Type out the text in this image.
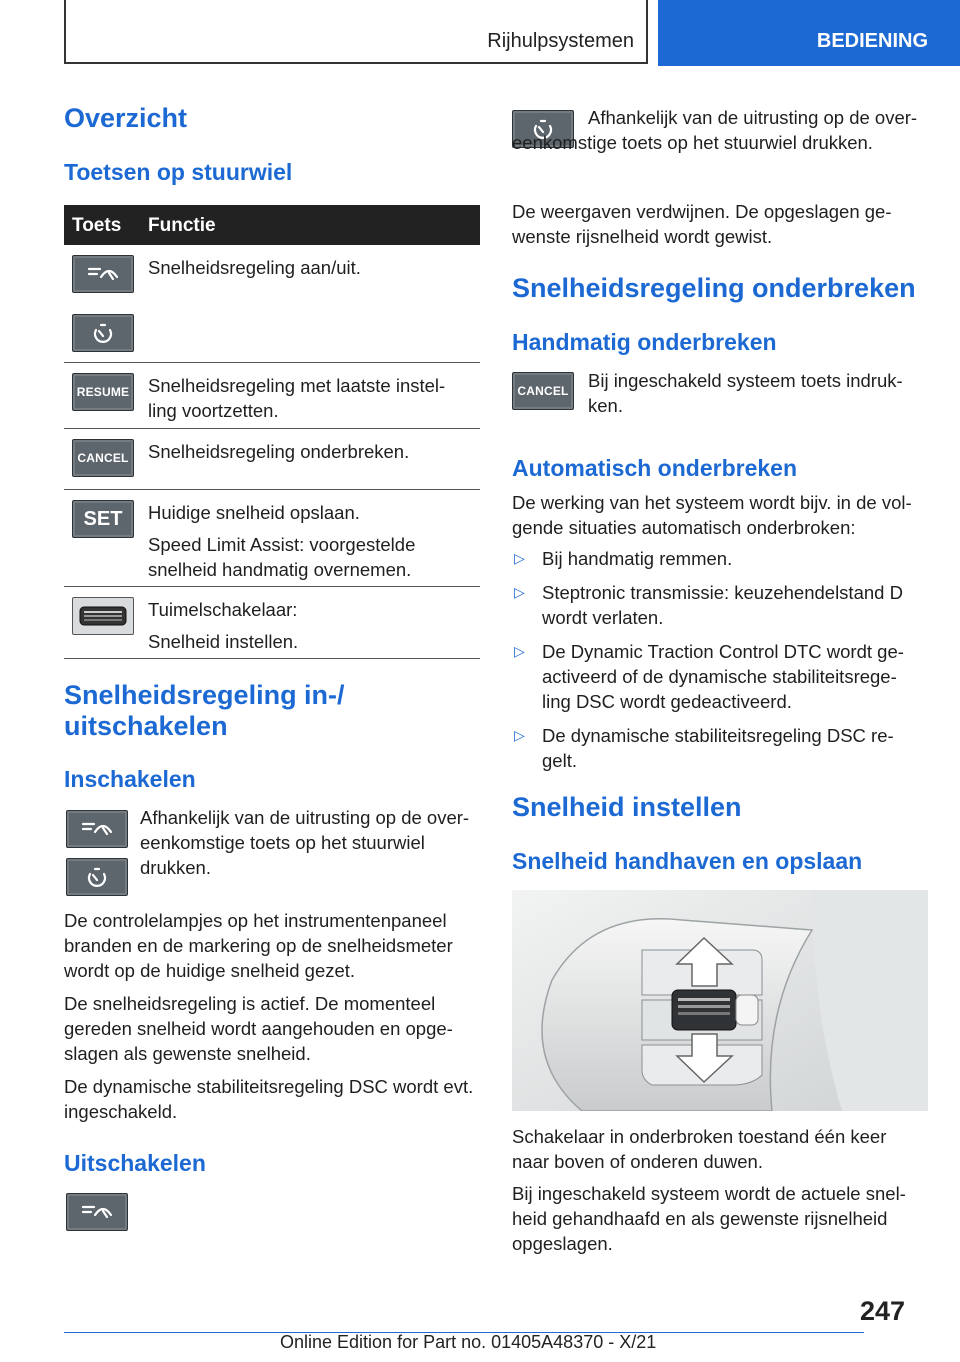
Rijhulpsystemen	BEDIENING
Overzicht
Toetsen op stuurwiel
Toets Functie

Snelheidsregeling aan/uit.

RESUME Snelheidsregeling met laatste instel- ling voortzetten.

CANCEL Snelheidsregeling onderbreken.

SET Huidige snelheid opslaan.

Speed Limit Assist: voorgestelde snelheid handmatig overnemen.

Tuimelschakelaar:

Snelheid instellen.

Snelheidsregeling in-/ uitschakelen
Inschakelen
Afhankelijk van de uitrusting op de over- eenkomstige toets op het stuurwiel drukken.
De controlelampjes op het instrumentenpaneel branden en de markering op de snelheidsmeter wordt op de huidige snelheid gezet.
De snelheidsregeling is actief. De momenteel gereden snelheid wordt aangehouden en opge- slagen als gewenste snelheid.
De dynamische stabiliteitsregeling DSC wordt evt. ingeschakeld.
Uitschakelen
Afhankelijk van de uitrusting op de over- eenkomstige toets op het stuurwiel drukken.
De weergaven verdwijnen. De opgeslagen ge- wenste rijsnelheid wordt gewist.
Snelheidsregeling onderbreken
Handmatig onderbreken
CANCEL Bij ingeschakeld systeem toets indruk- ken.
Automatisch onderbreken
De werking van het systeem wordt bijv. in de vol- gende situaties automatisch onderbroken:
▷ Bij handmatig remmen.
▷ Steptronic transmissie: keuzehendelstand D wordt verlaten.
▷ De Dynamic Traction Control DTC wordt ge- activeerd of de dynamische stabiliteitsrege- ling DSC wordt gedeactiveerd.
▷ De dynamische stabiliteitsregeling DSC re- gelt.
Snelheid instellen
Snelheid handhaven en opslaan
Schakelaar in onderbroken toestand één keer naar boven of onderen duwen.
Bij ingeschakeld systeem wordt de actuele snel- heid gehandhaafd en als gewenste rijsnelheid opgeslagen.
247
Online Edition for Part no. 01405A48370 - X/21
